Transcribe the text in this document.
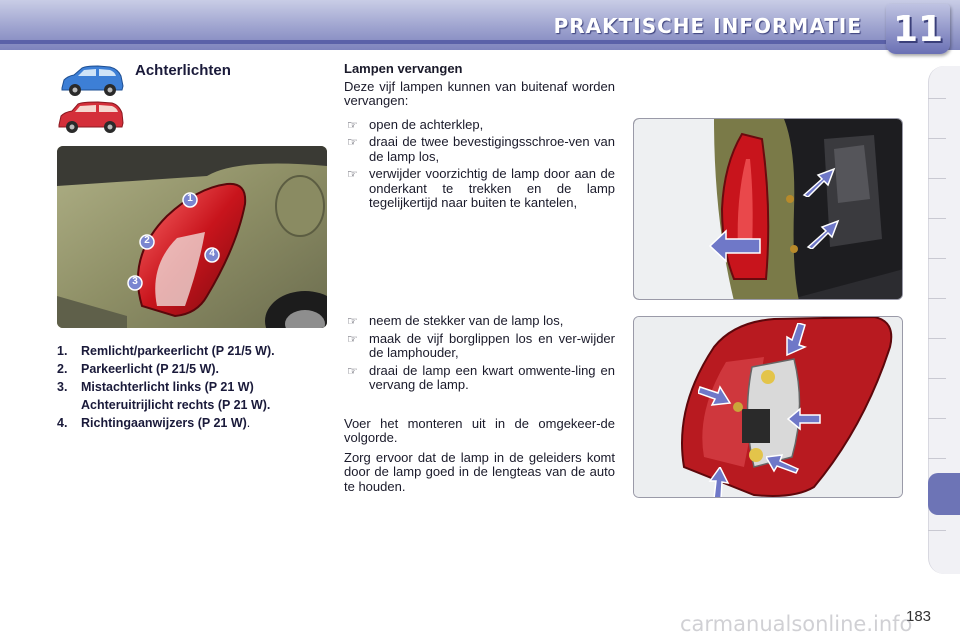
PRAKTISCHE INFORMATIE 11
Achterlichten
1
2
3
4
1.	Remlicht/parkeerlicht (P 21/5 W).
2.	Parkeerlicht (P 21/5 W).
3.	Mistachterlicht links (P 21 W)
Achteruitrijlicht rechts (P 21 W).
4.	Richtingaanwijzers (P 21 W).
Lampen vervangen
Deze vijf lampen kunnen van buitenaf worden vervangen:
☞ open de achterklep,
☞ draai de twee bevestigingsschroe-ven van de lamp los,
☞ verwijder voorzichtig de lamp door aan de onderkant te trekken en de lamp tegelijkertijd naar buiten te kantelen,
☞ neem de stekker van de lamp los,
☞ maak de vijf borglippen los en ver-wijder de lamphouder,
☞ draai de lamp een kwart omwente-ling en vervang de lamp.
Voer het monteren uit in de omgekeer-de volgorde.
Zorg ervoor dat de lamp in de geleiders komt door de lamp goed in de lengteas van de auto te houden.
183
carmanualsonline.info
